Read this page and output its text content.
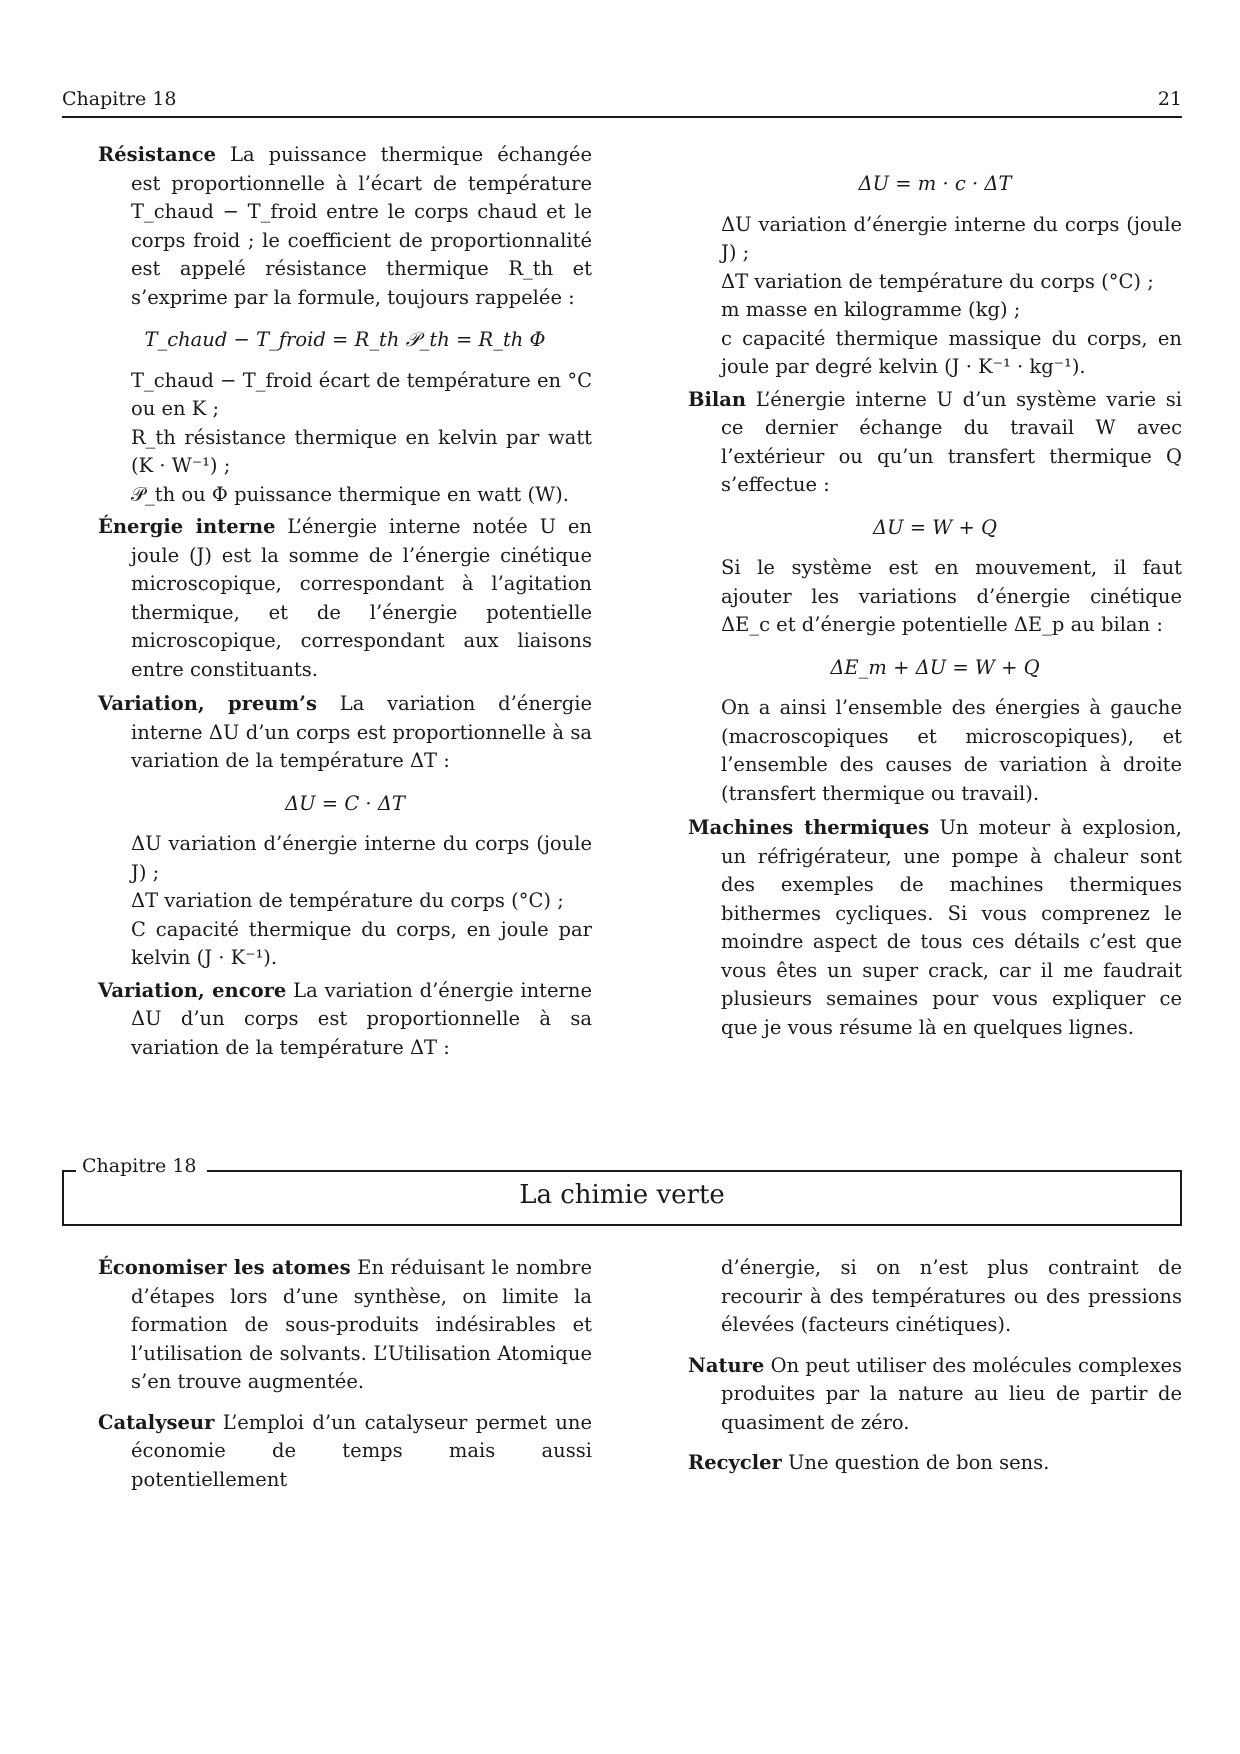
Chapitre 18	21

Résistance La puissance thermique échangée est proportionnelle à l’écart de température T_chaud − T_froid entre le corps chaud et le corps froid ; le coefficient de proportionnalité est appelé résistance thermique R_th et s’exprime par la formule, toujours rappelée :

T_chaud − T_froid = R_th 𝒫_th = R_th Φ

T_chaud − T_froid écart de température en °C ou en K ;

R_th résistance thermique en kelvin par watt (K · W⁻¹) ;

𝒫_th ou Φ puissance thermique en watt (W).

Énergie interne L’énergie interne notée U en joule (J) est la somme de l’énergie cinétique microscopique, correspondant à l’agitation thermique, et de l’énergie potentielle microscopique, correspondant aux liaisons entre constituants.

Variation, preum’s La variation d’énergie interne ΔU d’un corps est proportionnelle à sa variation de la température ΔT :

ΔU = C · ΔT

ΔU variation d’énergie interne du corps (joule J) ;

ΔT variation de température du corps (°C) ;

C capacité thermique du corps, en joule par kelvin (J · K⁻¹).

Variation, encore La variation d’énergie interne ΔU d’un corps est proportionnelle à sa variation de la température ΔT :

ΔU = m · c · ΔT

ΔU variation d’énergie interne du corps (joule J) ;

ΔT variation de température du corps (°C) ;

m masse en kilogramme (kg) ;

c capacité thermique massique du corps, en joule par degré kelvin (J · K⁻¹ · kg⁻¹).

Bilan L’énergie interne U d’un système varie si ce dernier échange du travail W avec l’extérieur ou qu’un transfert thermique Q s’effectue :

ΔU = W + Q

Si le système est en mouvement, il faut ajouter les variations d’énergie cinétique ΔE_c et d’énergie potentielle ΔE_p au bilan :

ΔE_m + ΔU = W + Q

On a ainsi l’ensemble des énergies à gauche (macroscopiques et microscopiques), et l’ensemble des causes de variation à droite (transfert thermique ou travail).

Machines thermiques Un moteur à explosion, un réfrigérateur, une pompe à chaleur sont des exemples de machines thermiques bithermes cycliques. Si vous comprenez le moindre aspect de tous ces détails c’est que vous êtes un super crack, car il me faudrait plusieurs semaines pour vous expliquer ce que je vous résume là en quelques lignes.

Chapitre 18
La chimie verte

Économiser les atomes En réduisant le nombre d’étapes lors d’une synthèse, on limite la formation de sous-produits indésirables et l’utilisation de solvants. L’Utilisation Atomique s’en trouve augmentée.

Catalyseur L’emploi d’un catalyseur permet une économie de temps mais aussi potentiellement

d’énergie, si on n’est plus contraint de recourir à des températures ou des pressions élevées (facteurs cinétiques).

Nature On peut utiliser des molécules complexes produites par la nature au lieu de partir de quasiment de zéro.

Recycler Une question de bon sens.
